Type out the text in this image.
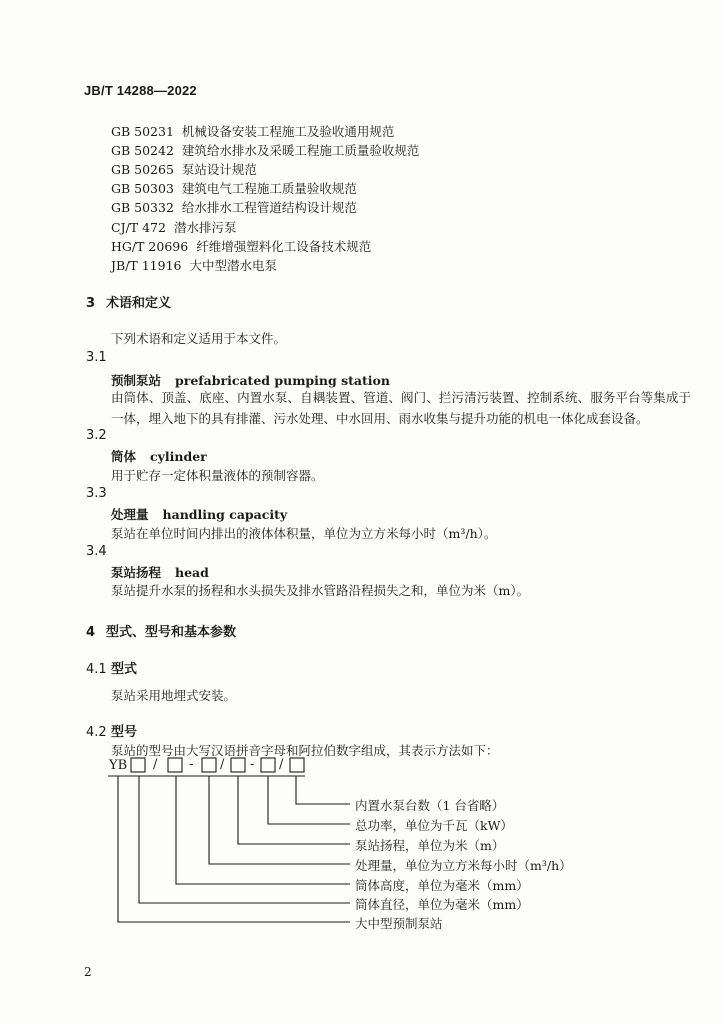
JB/T 14288—2022
GB 50231 机械设备安装工程施工及验收通用规范
GB 50242 建筑给水排水及采暖工程施工质量验收规范
GB 50265 泵站设计规范
GB 50303 建筑电气工程施工质量验收规范
GB 50332 给水排水工程管道结构设计规范
CJ/T 472 潜水排污泵
HG/T 20696 纤维增强塑料化工设备技术规范
JB/T 11916 大中型潜水电泵
3 术语和定义
下列术语和定义适用于本文件。
3.1
预制泵站 prefabricated pumping station
由筒体、顶盖、底座、内置水泵、自耦装置、管道、阀门、拦污清污装置、控制系统、服务平台等集成于一体，埋入地下的具有排灌、污水处理、中水回用、雨水收集与提升功能的机电一体化成套设备。
3.2
筒体 cylinder
用于贮存一定体积量液体的预制容器。
3.3
处理量 handling capacity
泵站在单位时间内排出的液体体积量，单位为立方米每小时（m³/h）。
3.4
泵站扬程 head
泵站提升水泵的扬程和水头损失及排水管路沿程损失之和，单位为米（m）。
4 型式、型号和基本参数
4.1 型式
泵站采用地埋式安装。
4.2 型号
泵站的型号由大写汉语拼音字母和阿拉伯数字组成，其表示方法如下：
YB / - / - /
内置水泵台数（1 台省略）
总功率，单位为千瓦（kW）
泵站扬程，单位为米（m）
处理量，单位为立方米每小时（m³/h）
筒体高度，单位为毫米（mm）
筒体直径，单位为毫米（mm）
大中型预制泵站
2
